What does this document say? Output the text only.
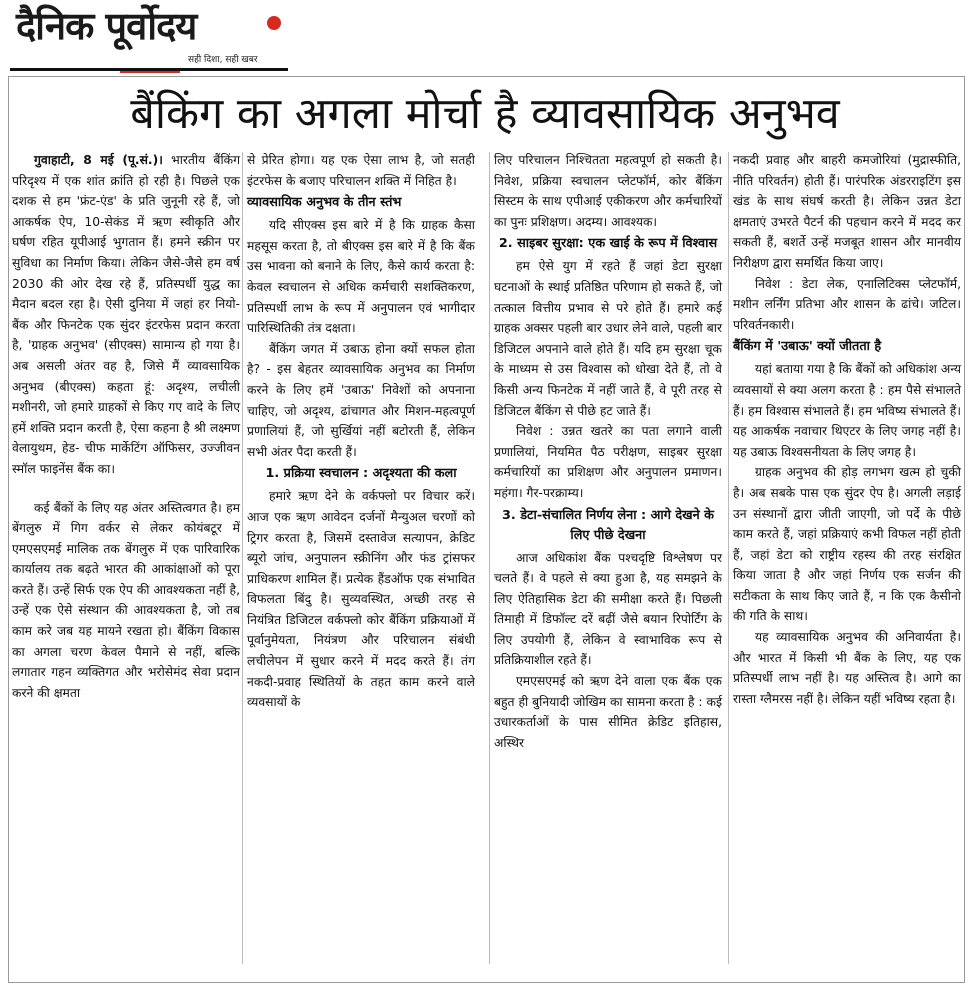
दैनिक पूर्वोदय
सही दिशा, सही खबर
बैंकिंग का अगला मोर्चा है व्यावसायिक अनुभव

गुवाहाटी, 8 मई (पू.सं.)। भारतीय बैंकिंग परिदृश्य में एक शांत क्रांति हो रही है। पिछले एक दशक से हम 'फ्रंट-एंड' के प्रति जुनूनी रहे हैं, जो आकर्षक ऐप, 10-सेकंड में ऋण स्वीकृति और घर्षण रहित यूपीआई भुगतान हैं। हमने स्क्रीन पर सुविधा का निर्माण किया। लेकिन जैसे-जैसे हम वर्ष 2030 की ओर देख रहे हैं, प्रतिस्पर्धी युद्ध का मैदान बदल रहा है। ऐसी दुनिया में जहां हर नियो-बैंक और फिनटेक एक सुंदर इंटरफेस प्रदान करता है, 'ग्राहक अनुभव' (सीएक्स) सामान्य हो गया है। अब असली अंतर वह है, जिसे मैं व्यावसायिक अनुभव (बीएक्स) कहता हूं: अदृश्य, लचीली मशीनरी, जो हमारे ग्राहकों से किए गए वादे के लिए हमें शक्ति प्रदान करती है, ऐसा कहना है श्री लक्ष्मण वेलायुथम, हेड- चीफ मार्केटिंग ऑफिसर, उज्जीवन स्मॉल फाइनेंस बैंक का।

कई बैंकों के लिए यह अंतर अस्तित्वगत है। हम बेंगलुरु में गिग वर्कर से लेकर कोयंबटूर में एमएसएमई मालिक तक बेंगलुरु में एक पारिवारिक कार्यालय तक बढ़ते भारत की आकांक्षाओं को पूरा करते हैं। उन्हें सिर्फ एक ऐप की आवश्यकता नहीं है, उन्हें एक ऐसे संस्थान की आवश्यकता है, जो तब काम करे जब यह मायने रखता हो। बैंकिंग विकास का अगला चरण केवल पैमाने से नहीं, बल्कि लगातार गहन व्यक्तिगत और भरोसेमंद सेवा प्रदान करने की क्षमता

से प्रेरित होगा। यह एक ऐसा लाभ है, जो सतही इंटरफेस के बजाए परिचालन शक्ति में निहित है।

व्यावसायिक अनुभव के तीन स्तंभ

यदि सीएक्स इस बारे में है कि ग्राहक कैसा महसूस करता है, तो बीएक्स इस बारे में है कि बैंक उस भावना को बनाने के लिए, कैसे कार्य करता है: केवल स्वचालन से अधिक कर्मचारी सशक्तिकरण, प्रतिस्पर्धी लाभ के रूप में अनुपालन एवं भागीदार पारिस्थितिकी तंत्र दक्षता।

बैंकिंग जगत में उबाऊ होना क्यों सफल होता है? - इस बेहतर व्यावसायिक अनुभव का निर्माण करने के लिए हमें 'उबाऊ' निवेशों को अपनाना चाहिए, जो अदृश्य, ढांचागत और मिशन-महत्वपूर्ण प्रणालियां हैं, जो सुर्खियां नहीं बटोरती हैं, लेकिन सभी अंतर पैदा करती हैं।

1. प्रक्रिया स्वचालन : अदृश्यता की कला

हमारे ऋण देने के वर्कफ्लो पर विचार करें। आज एक ऋण आवेदन दर्जनों मैन्युअल चरणों को ट्रिगर करता है, जिसमें दस्तावेज सत्यापन, क्रेडिट ब्यूरो जांच, अनुपालन स्क्रीनिंग और फंड ट्रांसफर प्राधिकरण शामिल हैं। प्रत्येक हैंडऑफ एक संभावित विफलता बिंदु है। सुव्यवस्थित, अच्छी तरह से नियंत्रित डिजिटल वर्कफ्लो कोर बैंकिंग प्रक्रियाओं में पूर्वानुमेयता, नियंत्रण और परिचालन संबंधी लचीलेपन में सुधार करने में मदद करते हैं। तंग नकदी-प्रवाह स्थितियों के तहत काम करने वाले व्यवसायों के

लिए परिचालन निश्चितता महत्वपूर्ण हो सकती है। निवेश, प्रक्रिया स्वचालन प्लेटफॉर्म, कोर बैंकिंग सिस्टम के साथ एपीआई एकीकरण और कर्मचारियों का पुनः प्रशिक्षण। अदम्य। आवश्यक।

2. साइबर सुरक्षा: एक खाई के रूप में विश्वास

हम ऐसे युग में रहते हैं जहां डेटा सुरक्षा घटनाओं के स्थाई प्रतिष्ठित परिणाम हो सकते हैं, जो तत्काल वित्तीय प्रभाव से परे होते हैं। हमारे कई ग्राहक अक्सर पहली बार उधार लेने वाले, पहली बार डिजिटल अपनाने वाले होते हैं। यदि हम सुरक्षा चूक के माध्यम से उस विश्वास को धोखा देते हैं, तो वे किसी अन्य फिनटेक में नहीं जाते हैं, वे पूरी तरह से डिजिटल बैंकिंग से पीछे हट जाते हैं।

निवेश : उन्नत खतरे का पता लगाने वाली प्रणालियां, नियमित पैठ परीक्षण, साइबर सुरक्षा कर्मचारियों का प्रशिक्षण और अनुपालन प्रमाणन। महंगा। गैर-परक्राम्य।

3. डेटा-संचालित निर्णय लेना : आगे देखने के लिए पीछे देखना

आज अधिकांश बैंक पश्चदृष्टि विश्लेषण पर चलते हैं। वे पहले से क्या हुआ है, यह समझने के लिए ऐतिहासिक डेटा की समीक्षा करते हैं। पिछली तिमाही में डिफॉल्ट दरें बढ़ीं जैसे बयान रिपोर्टिंग के लिए उपयोगी हैं, लेकिन वे स्वाभाविक रूप से प्रतिक्रियाशील रहते हैं।

एमएसएमई को ऋण देने वाला एक बैंक एक बहुत ही बुनियादी जोखिम का सामना करता है : कई उधारकर्ताओं के पास सीमित क्रेडिट इतिहास, अस्थिर

नकदी प्रवाह और बाहरी कमजोरियां (मुद्रास्फीति, नीति परिवर्तन) होती हैं। पारंपरिक अंडरराइटिंग इस खंड के साथ संघर्ष करती है। लेकिन उन्नत डेटा क्षमताएं उभरते पैटर्न की पहचान करने में मदद कर सकती हैं, बशर्ते उन्हें मजबूत शासन और मानवीय निरीक्षण द्वारा समर्थित किया जाए।

निवेश : डेटा लेक, एनालिटिक्स प्लेटफॉर्म, मशीन लर्निंग प्रतिभा और शासन के ढांचे। जटिल। परिवर्तनकारी।

बैंकिंग में 'उबाऊ' क्यों जीतता है

यहां बताया गया है कि बैंकों को अधिकांश अन्य व्यवसायों से क्या अलग करता है : हम पैसे संभालते हैं। हम विश्वास संभालते हैं। हम भविष्य संभालते हैं। यह आकर्षक नवाचार थिएटर के लिए जगह नहीं है। यह उबाऊ विश्वसनीयता के लिए जगह है।

ग्राहक अनुभव की होड़ लगभग खत्म हो चुकी है। अब सबके पास एक सुंदर ऐप है। अगली लड़ाई उन संस्थानों द्वारा जीती जाएगी, जो पर्दे के पीछे काम करते हैं, जहां प्रक्रियाएं कभी विफल नहीं होती हैं, जहां डेटा को राष्ट्रीय रहस्य की तरह संरक्षित किया जाता है और जहां निर्णय एक सर्जन की सटीकता के साथ किए जाते हैं, न कि एक कैसीनो की गति के साथ।

यह व्यावसायिक अनुभव की अनिवार्यता है। और भारत में किसी भी बैंक के लिए, यह एक प्रतिस्पर्धी लाभ नहीं है। यह अस्तित्व है। आगे का रास्ता ग्लैमरस नहीं है। लेकिन यहीं भविष्य रहता है।
